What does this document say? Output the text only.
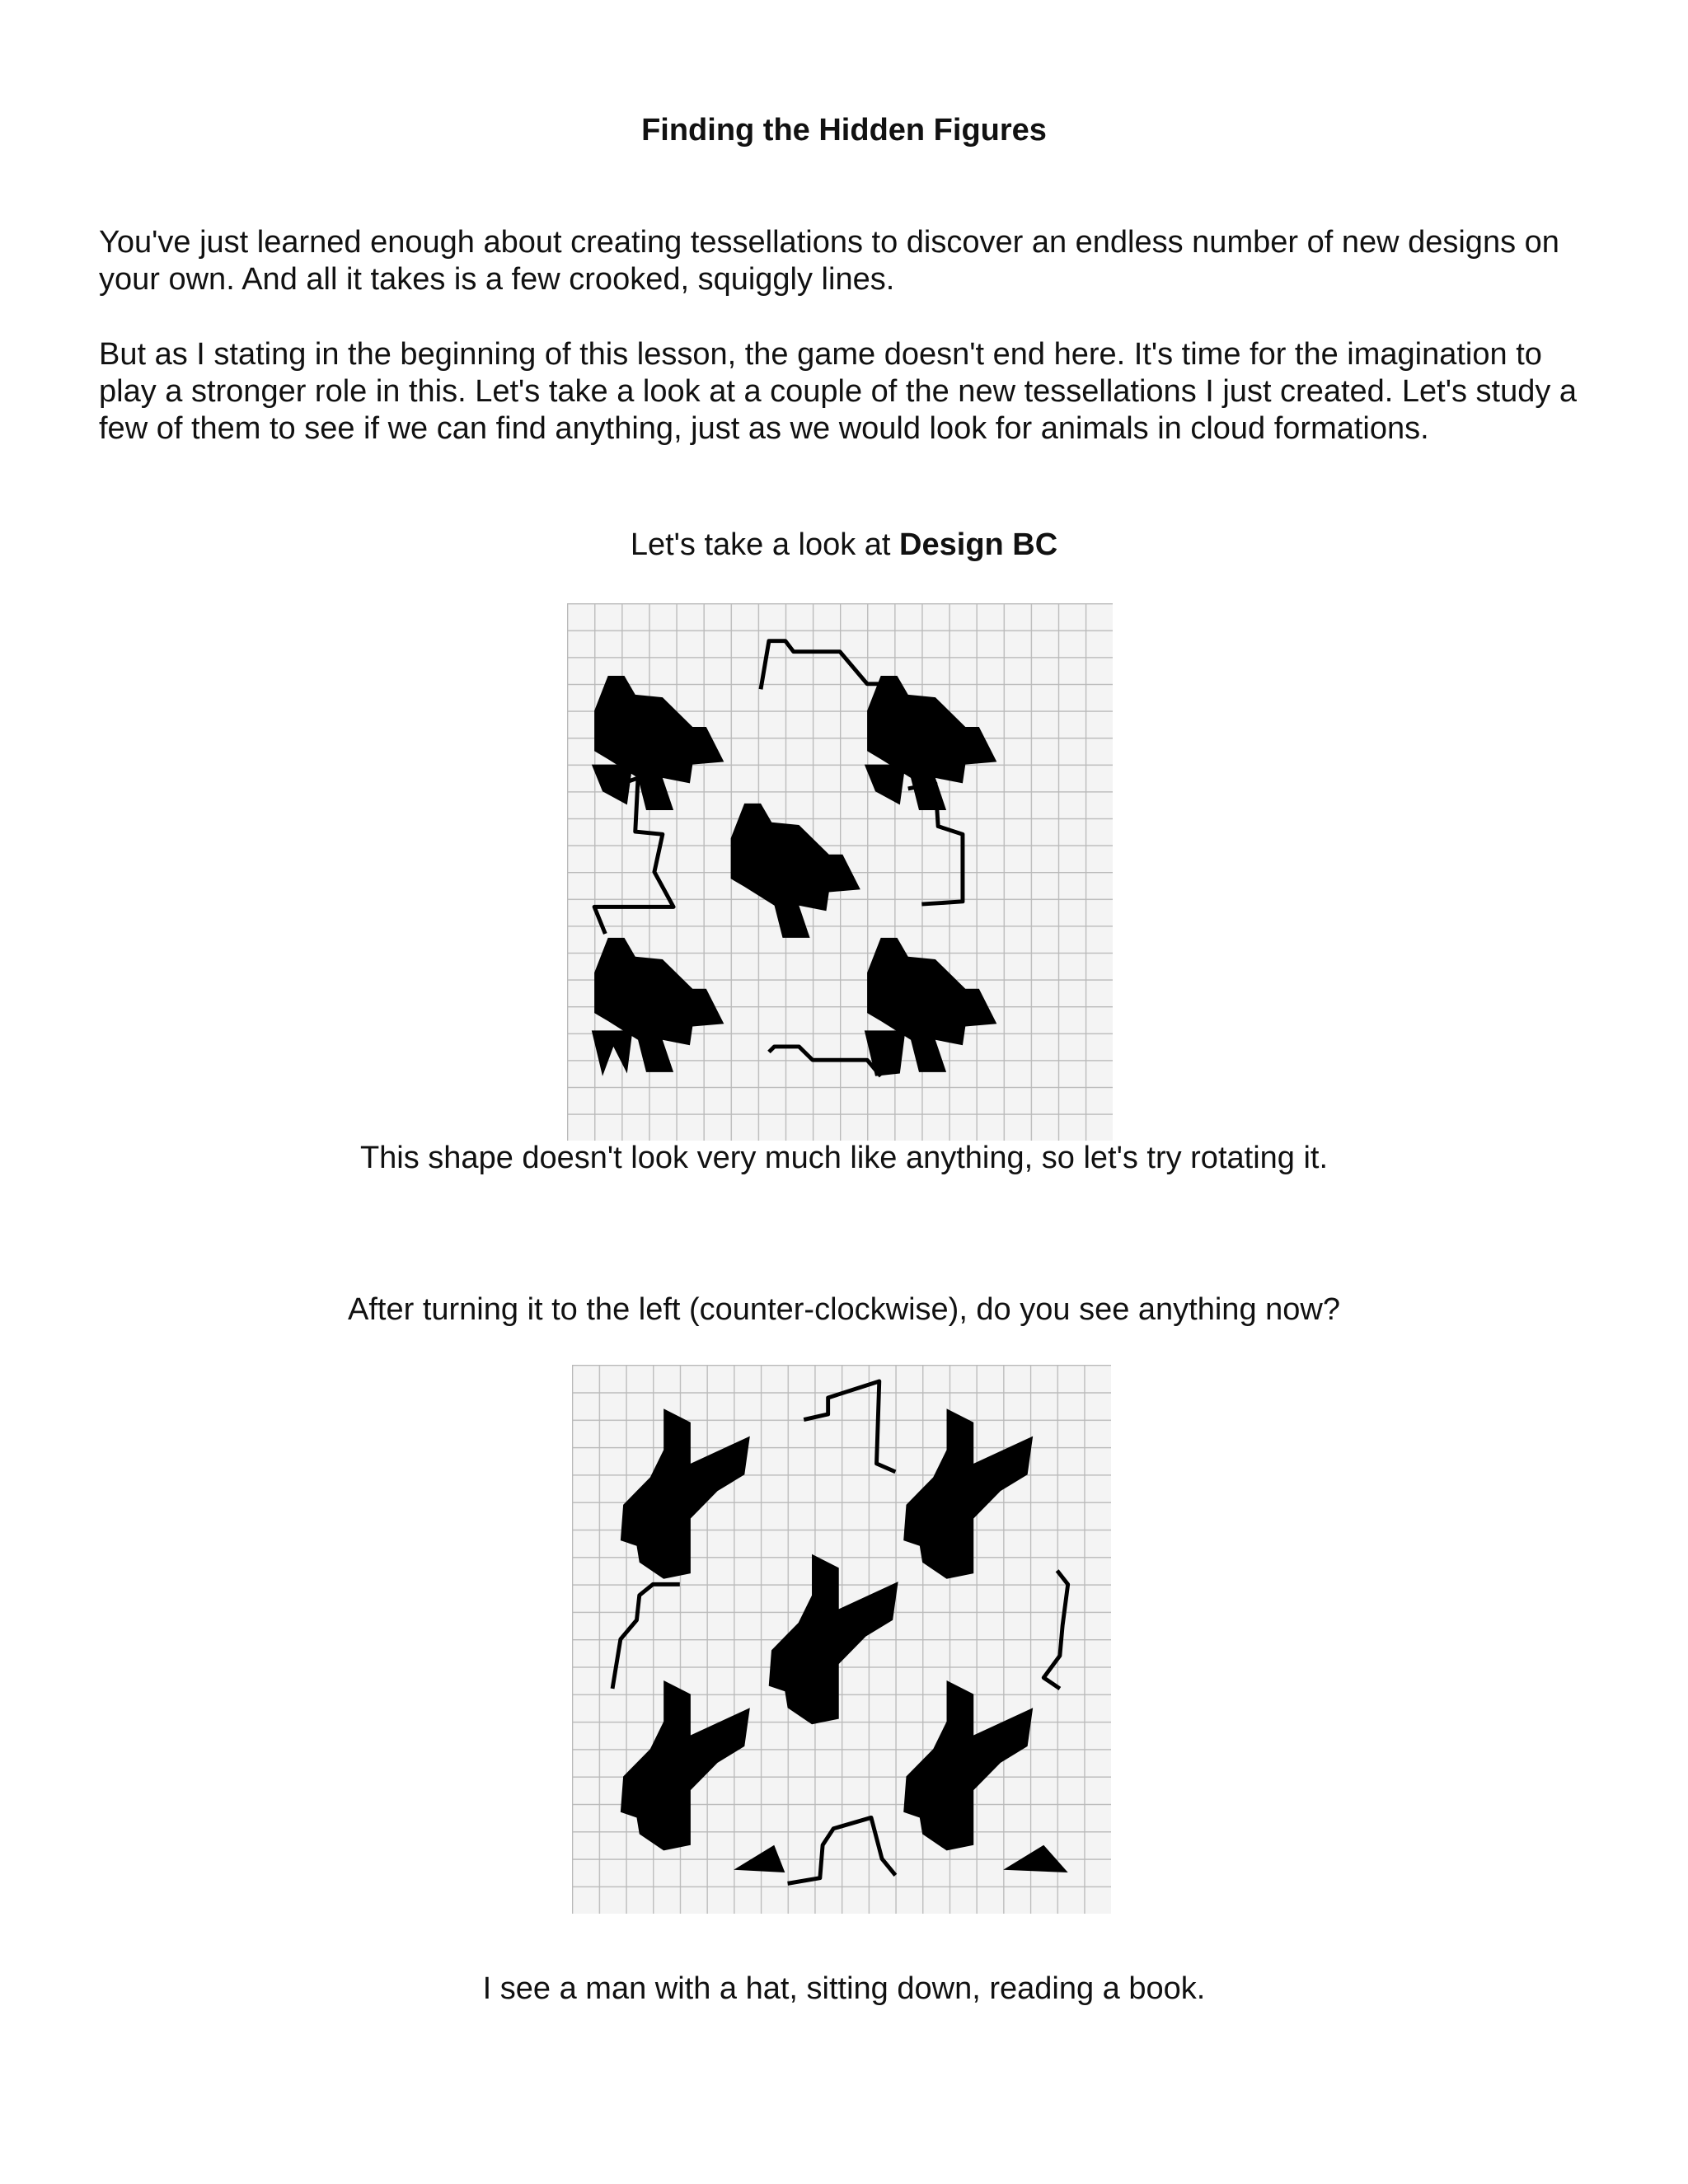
Finding the Hidden Figures

You've just learned enough about creating tessellations to discover an endless number of new designs on your own. And all it takes is a few crooked, squiggly lines.

But as I stating in the beginning of this lesson, the game doesn't end here. It's time for the imagination to play a stronger role in this. Let's take a look at a couple of the new tessellations I just created. Let's study a few of them to see if we can find anything, just as we would look for animals in cloud formations.

Let's take a look at Design BC
This shape doesn't look very much like anything, so let's try rotating it.
After turning it to the left (counter-clockwise), do you see anything now?
I see a man with a hat, sitting down, reading a book.
